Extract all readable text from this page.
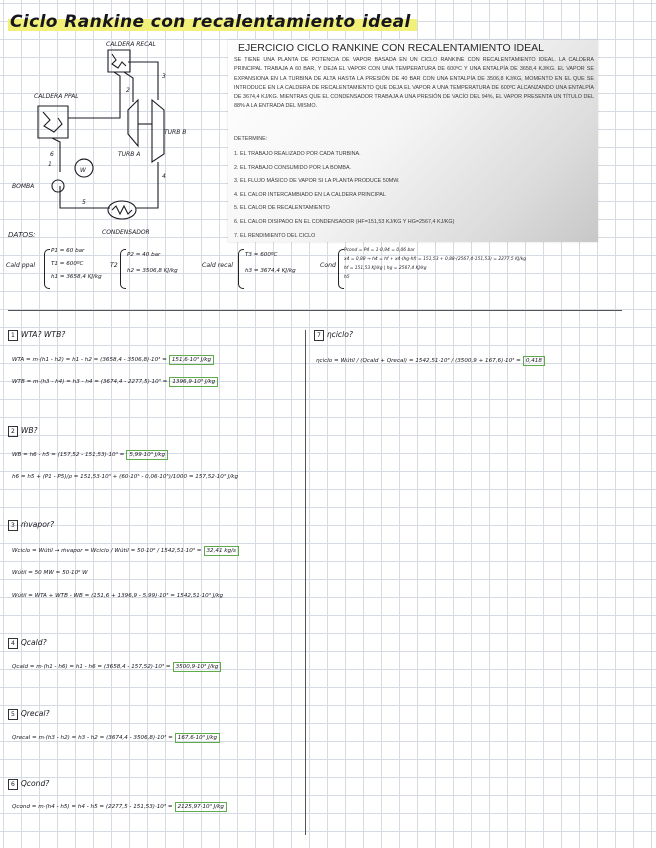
Ciclo Rankine con recalentamiento ideal
CALDERA RECAL
CALDERA PPAL
TURB B
TURB A
BOMBA
CONDENSADOR
W
1
2
3
4
5
6
EJERCICIO CICLO RANKINE CON RECALENTAMIENTO IDEAL
SE TIENE UNA PLANTA DE POTENCIA DE VAPOR BASADA EN UN CICLO RANKINE CON RECALENTAMIENTO IDEAL. LA CALDERA PRINCIPAL TRABAJA A 60 BAR, Y DEJA EL VAPOR CON UNA TEMPERATURA DE 600ºC Y UNA ENTALPÍA DE 3658,4 KJ/KG. EL VAPOR SE EXPANSIONA EN LA TURBINA DE ALTA HASTA LA PRESIÓN DE 40 BAR CON UNA ENTALPÍA DE 3506,8 KJ/KG, MOMENTO EN EL QUE SE INTRODUCE EN LA CALDERA DE RECALENTAMIENTO QUE DEJA EL VAPOR A UNA TEMPERATURA DE 600ºC ALCANZANDO UNA ENTALPÍA DE 3674,4 KJ/KG. MIENTRAS QUE EL CONDENSADOR TRABAJA A UNA PRESIÓN DE VACÍO DEL 94%, EL VAPOR PRESENTA UN TÍTULO DEL 88% A LA ENTRADA DEL MISMO.
DETERMINE:
1. EL TRABAJO REALIZADO POR CADA TURBINA.
2. EL TRABAJO CONSUMIDO POR LA BOMBA.
3. EL FLUJO MÁSICO DE VAPOR SI LA PLANTA PRODUCE 50MW.
4. EL CALOR INTERCAMBIADO EN LA CALDERA PRINCIPAL
5. EL CALOR DE RECALENTAMIENTO
6. EL CALOR DISIPADO EN EL CONDENSADOR (HF=151,53 KJ/KG Y HG=2567,4 KJ/KG)
7. EL RENDIMIENTO DEL CICLO
DATOS:
Cald ppal
P1 = 60 bar
T1 = 600ºC
h1 = 3658,4 KJ/kg
T2
P2 = 40 bar
h2 = 3506,8 KJ/kg
Cald recal
T3 = 600ºC
h3 = 3674,4 KJ/kg
Cond
Pcond = P4 = 1-0,94 = 0,06 bar
x4 = 0,88 → h4 = hf + x4·(hg-hf) = 151,53 + 0,88·(2567,4-151,53) = 2277,5 KJ/kg
hf = 151,53 KJ/kg | hg = 2567,4 KJ/kg
h5
1 WTA? WTB?
WTA = m·(h1 - h2) = h1 - h2 = (3658,4 - 3506,8)·10³ = 151,6·10³ J/kg
WTB = m·(h3 - h4) = h3 - h4 = (3674,4 - 2277,5)·10³ = 1396,9·10³ J/kg
2 WB?
WB = h6 - h5 = (157,52 - 151,53)·10³ = 5,99·10³ J/kg
h6 = h5 + (P1 - P5)/ρ = 151,53·10³ + (60·10⁵ - 0,06·10⁵)/1000 = 157,52·10³ J/kg
3 ṁvapor?
Wciclo = Wútil → ṁvapor = Wciclo / Wútil = 50·10⁶ / 1542,51·10³ = 32,41 kg/s
Wútil = 50 MW = 50·10⁶ W
Wútil = WTA + WTB - WB = (151,6 + 1396,9 - 5,99)·10³ = 1542,51·10³ J/kg
4 Qcald?
Qcald = m·(h1 - h6) = h1 - h6 = (3658,4 - 157,52)·10³ = 3500,9·10³ J/kg
5 Qrecal?
Qrecal = m·(h3 - h2) = h3 - h2 = (3674,4 - 3506,8)·10³ = 167,6·10³ J/kg
6 Qcond?
Qcond = m·(h4 - h5) = h4 - h5 = (2277,5 - 151,53)·10³ = 2125,97·10³ J/kg
7 ηciclo?
ηciclo = Wútil / (Qcald + Qrecal) = 1542,51·10³ / (3500,9 + 167,6)·10³ = 0,418
